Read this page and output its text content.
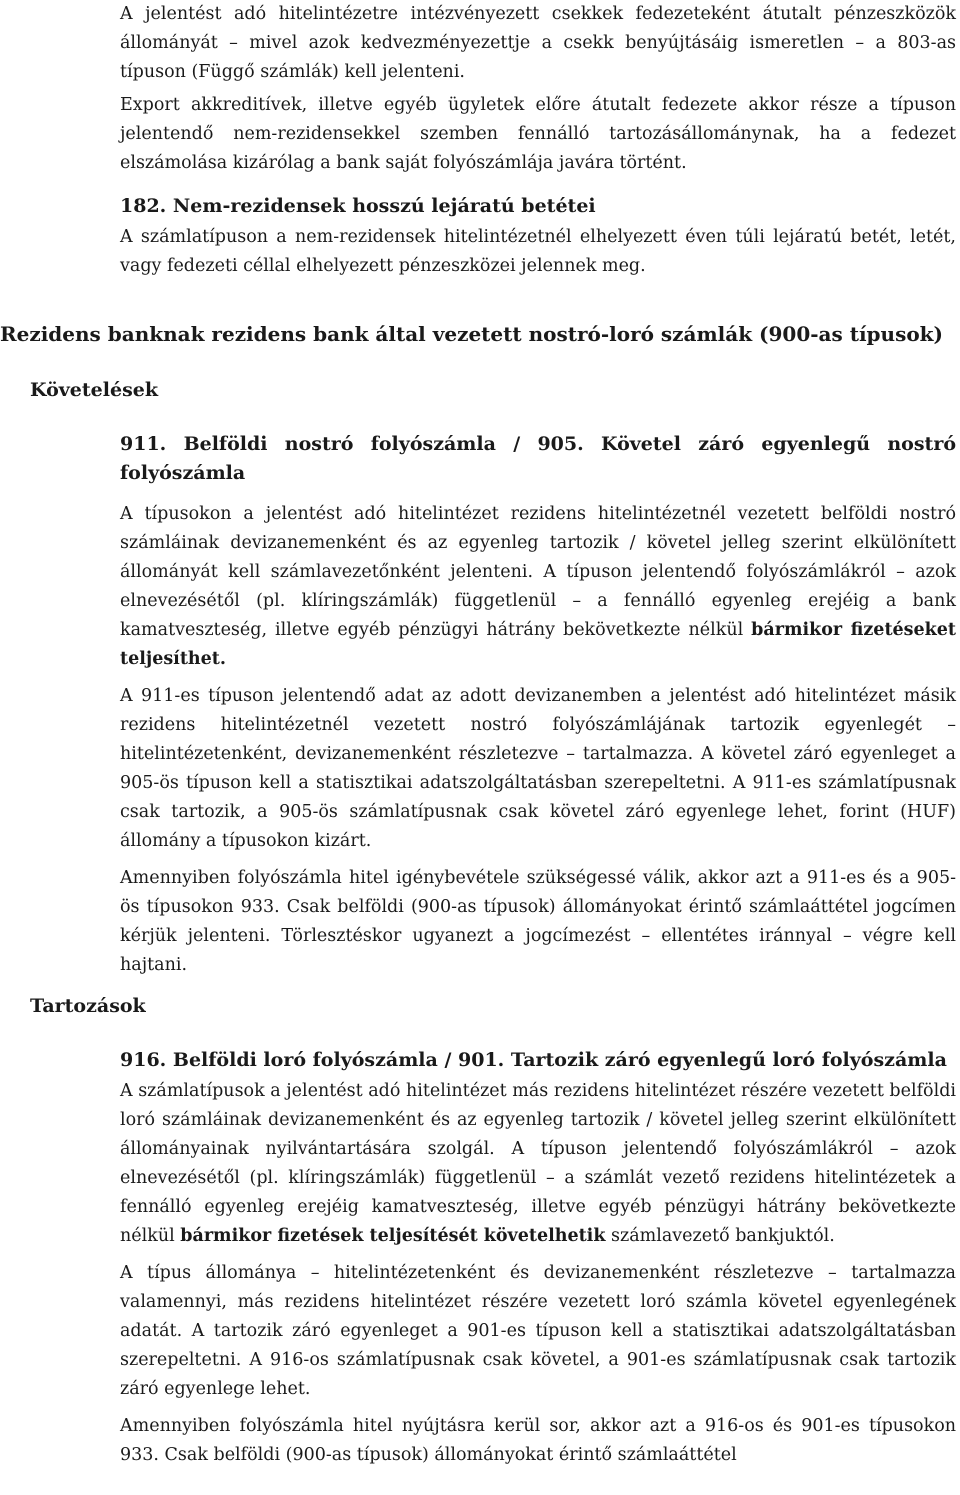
A jelentést adó hitelintézetre intézvényezett csekkek fedezeteként átutalt pénzeszközök állományát – mivel azok kedvezményezettje a csekk benyújtásáig ismeretlen – a 803-as típuson (Függő számlák) kell jelenteni.

Export akkreditívek, illetve egyéb ügyletek előre átutalt fedezete akkor része a típuson jelentendő nem-rezidensekkel szemben fennálló tartozásállománynak, ha a fedezet elszámolása kizárólag a bank saját folyószámlája javára történt.

182. Nem-rezidensek hosszú lejáratú betétei

A számlatípuson a nem-rezidensek hitelintézetnél elhelyezett éven túli lejáratú betét, letét, vagy fedezeti céllal elhelyezett pénzeszközei jelennek meg.

Rezidens banknak rezidens bank által vezetett nostró-loró számlák (900-as típusok)
Követelések
911. Belföldi nostró folyószámla / 905. Követel záró egyenlegű nostró folyószámla

A típusokon a jelentést adó hitelintézet rezidens hitelintézetnél vezetett belföldi nostró számláinak devizanemenként és az egyenleg tartozik / követel jelleg szerint elkülönített állományát kell számlavezetőnként jelenteni. A típuson jelentendő folyószámlákról – azok elnevezésétől (pl. klíringszámlák) függetlenül – a fennálló egyenleg erejéig a bank kamatveszteség, illetve egyéb pénzügyi hátrány bekövetkezte nélkül bármikor fizetéseket teljesíthet.

A 911-es típuson jelentendő adat az adott devizanemben a jelentést adó hitelintézet másik rezidens hitelintézetnél vezetett nostró folyószámlájának tartozik egyenlegét – hitelintézetenként, devizanemenként részletezve – tartalmazza. A követel záró egyenleget a 905-ös típuson kell a statisztikai adatszolgáltatásban szerepeltetni. A 911-es számlatípusnak csak tartozik, a 905-ös számlatípusnak csak követel záró egyenlege lehet, forint (HUF) állomány a típusokon kizárt.

Amennyiben folyószámla hitel igénybevétele szükségessé válik, akkor azt a 911-es és a 905-ös típusokon 933. Csak belföldi (900-as típusok) állományokat érintő számlaáttétel jogcímen kérjük jelenteni. Törlesztéskor ugyanezt a jogcímezést – ellentétes iránnyal – végre kell hajtani.

Tartozások
916. Belföldi loró folyószámla / 901. Tartozik záró egyenlegű loró folyószámla

A számlatípusok a jelentést adó hitelintézet más rezidens hitelintézet részére vezetett belföldi loró számláinak devizanemenként és az egyenleg tartozik / követel jelleg szerint elkülönített állományainak nyilvántartására szolgál. A típuson jelentendő folyószámlákról – azok elnevezésétől (pl. klíringszámlák) függetlenül – a számlát vezető rezidens hitelintézetek a fennálló egyenleg erejéig kamatveszteség, illetve egyéb pénzügyi hátrány bekövetkezte nélkül bármikor fizetések teljesítését követelhetik számlavezető bankjuktól.

A típus állománya – hitelintézetenként és devizanemenként részletezve – tartalmazza valamennyi, más rezidens hitelintézet részére vezetett loró számla követel egyenlegének adatát. A tartozik záró egyenleget a 901-es típuson kell a statisztikai adatszolgáltatásban szerepeltetni. A 916-os számlatípusnak csak követel, a 901-es számlatípusnak csak tartozik záró egyenlege lehet.

Amennyiben folyószámla hitel nyújtásra kerül sor, akkor azt a 916-os és 901-es típusokon 933. Csak belföldi (900-as típusok) állományokat érintő számlaáttétel
